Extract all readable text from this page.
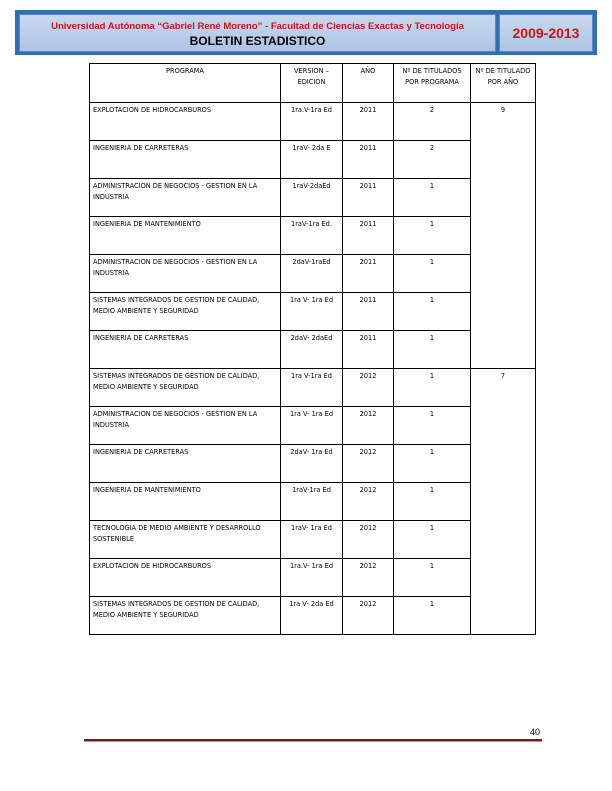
Universidad Autónoma “Gabriel René Moreno” - Facultad de Ciencias Exactas y Tecnología
BOLETIN ESTADISTICO	2009-2013
PROGRAMA	VERSION – EDICION	AÑO	Nº DE TITULADOS POR PROGRAMA	Nº DE TITULADO POR AÑO
EXPLOTACION DE HIDROCARBUROS	1ra.V-1ra Ed	2011	2	9
INGENIERIA DE CARRETERAS	1raV- 2da E	2011	2	
ADMINISTRACION DE NEGOCIOS - GESTION EN LA INDUSTRIA	1raV-2daEd	2011	1	
INGENIERIA DE MANTENIMIENTO	1raV-1ra Ed.	2011	1	
ADMINISTRACION DE NEGOCIOS - GESTION EN LA INDUSTRIA	2daV-1raEd	2011	1	
SISTEMAS INTEGRADOS DE GESTION DE CALIDAD, MEDIO AMBIENTE Y SEGURIDAD	1ra V- 1ra Ed	2011	1	
INGENIERIA DE CARRETERAS	2daV- 2daEd	2011	1	
SISTEMAS INTEGRADOS DE GESTION DE CALIDAD, MEDIO AMBIENTE Y SEGURIDAD	1ra V-1ra Ed	2012	1	7
ADMINISTRACION DE NEGOCIOS - GESTION EN LA INDUSTRIA	1ra V- 1ra Ed	2012	1	
INGENIERIA DE CARRETERAS	2daV- 1ra Ed	2012	1	
INGENIERIA DE MANTENIMIENTO	1raV-1ra Ed	2012	1	
TECNOLOGIA DE MEDIO AMBIENTE Y DESARROLLO SOSTENIBLE	1raV- 1ra Ed	2012	1	
EXPLOTACION DE HIDROCARBUROS	1ra.V- 1ra Ed	2012	1	
SISTEMAS INTEGRADOS DE GESTION DE CALIDAD, MEDIO AMBIENTE Y SEGURIDAD	1ra V- 2da Ed	2012	1	
40
